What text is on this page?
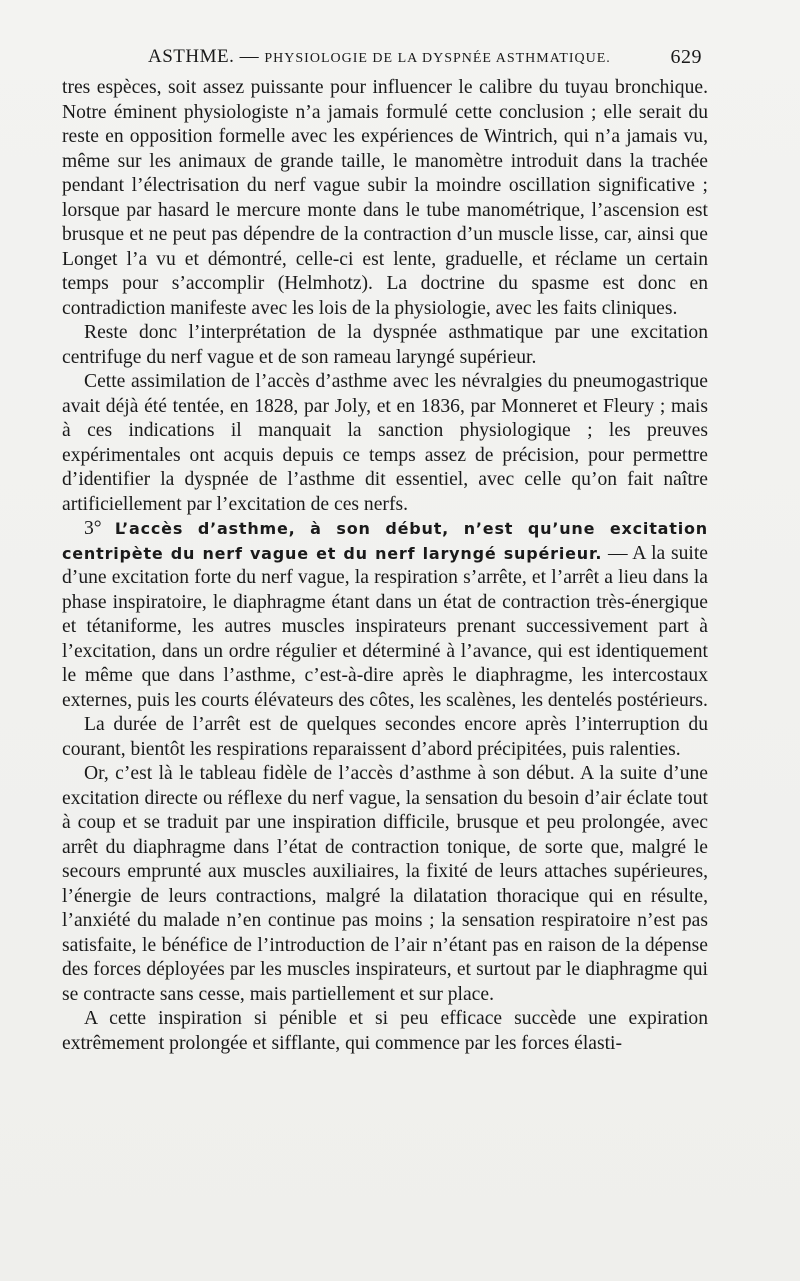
ASTHME. — PHYSIOLOGIE DE LA DYSPNÉE ASTHMATIQUE.	629

tres espèces, soit assez puissante pour influencer le calibre du tuyau bronchique. Notre éminent physiologiste n’a jamais formulé cette conclusion ; elle serait du reste en opposition formelle avec les expériences de Wintrich, qui n’a jamais vu, même sur les animaux de grande taille, le manomètre introduit dans la trachée pendant l’électrisation du nerf vague subir la moindre oscillation significative ; lorsque par hasard le mercure monte dans le tube manométrique, l’ascension est brusque et ne peut pas dépendre de la contraction d’un muscle lisse, car, ainsi que Longet l’a vu et démontré, celle-ci est lente, graduelle, et réclame un certain temps pour s’accomplir (Helmhotz). La doctrine du spasme est donc en contradiction manifeste avec les lois de la physiologie, avec les faits cliniques.

Reste donc l’interprétation de la dyspnée asthmatique par une excitation centrifuge du nerf vague et de son rameau laryngé supérieur.

Cette assimilation de l’accès d’asthme avec les névralgies du pneumogastrique avait déjà été tentée, en 1828, par Joly, et en 1836, par Monneret et Fleury ; mais à ces indications il manquait la sanction physiologique ; les preuves expérimentales ont acquis depuis ce temps assez de précision, pour permettre d’identifier la dyspnée de l’asthme dit essentiel, avec celle qu’on fait naître artificiellement par l’excitation de ces nerfs.

3° L’accès d’asthme, à son début, n’est qu’une excitation centripète du nerf vague et du nerf laryngé supérieur. — A la suite d’une excitation forte du nerf vague, la respiration s’arrête, et l’arrêt a lieu dans la phase inspiratoire, le diaphragme étant dans un état de contraction très-énergique et tétaniforme, les autres muscles inspirateurs prenant successivement part à l’excitation, dans un ordre régulier et déterminé à l’avance, qui est identiquement le même que dans l’asthme, c’est-à-dire après le diaphragme, les intercostaux externes, puis les courts élévateurs des côtes, les scalènes, les dentelés postérieurs.

La durée de l’arrêt est de quelques secondes encore après l’interruption du courant, bientôt les respirations reparaissent d’abord précipitées, puis ralenties.

Or, c’est là le tableau fidèle de l’accès d’asthme à son début. A la suite d’une excitation directe ou réflexe du nerf vague, la sensation du besoin d’air éclate tout à coup et se traduit par une inspiration difficile, brusque et peu prolongée, avec arrêt du diaphragme dans l’état de contraction tonique, de sorte que, malgré le secours emprunté aux muscles auxiliaires, la fixité de leurs attaches supérieures, l’énergie de leurs contractions, malgré la dilatation thoracique qui en résulte, l’anxiété du malade n’en continue pas moins ; la sensation respiratoire n’est pas satisfaite, le bénéfice de l’introduction de l’air n’étant pas en raison de la dépense des forces déployées par les muscles inspirateurs, et surtout par le diaphragme qui se contracte sans cesse, mais partiellement et sur place.

A cette inspiration si pénible et si peu efficace succède une expiration extrêmement prolongée et sifflante, qui commence par les forces élasti-
